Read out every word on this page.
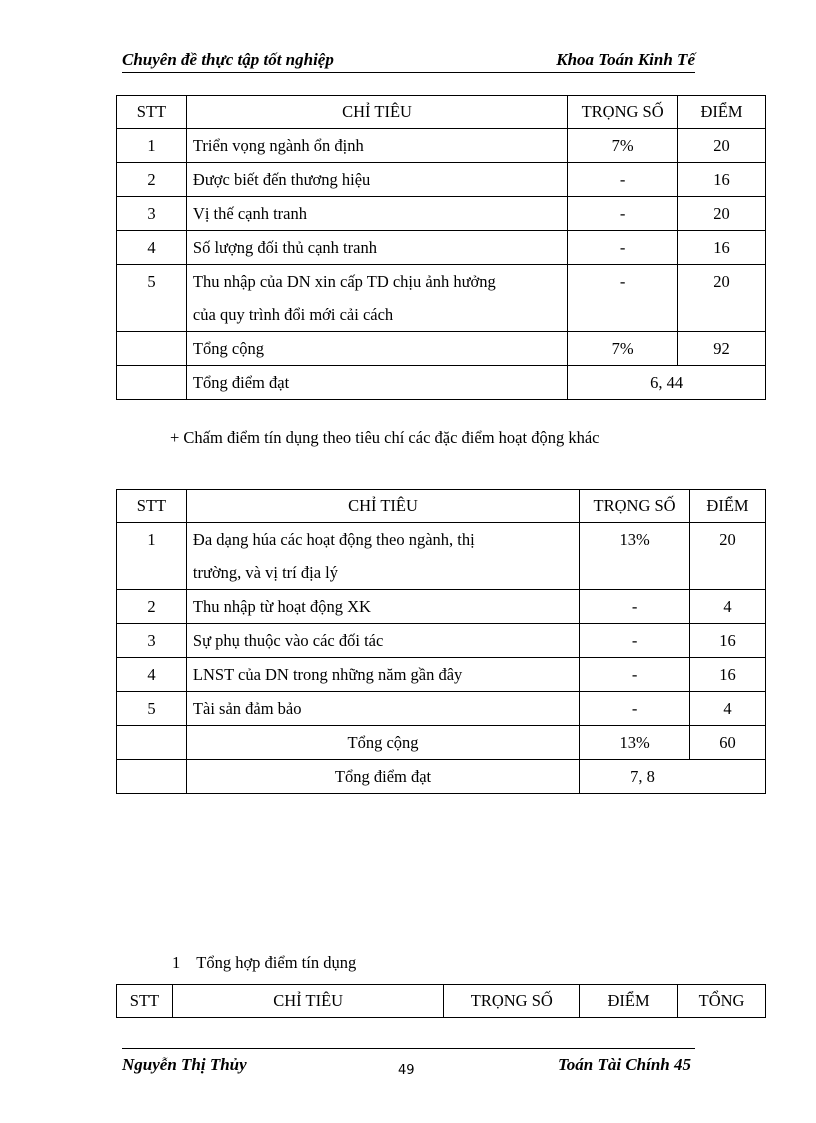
Chuyên đề thực tập tốt nghiệp	Khoa Toán Kinh Tế
STT	CHỈ TIÊU	TRỌNG SỐ	ĐIỂM
1	Triển vọng ngành ổn định	7%	20
2	Được biết đến thương hiệu	-	16
3	Vị thế cạnh tranh	-	20
4	Số lượng đối thủ cạnh tranh	-	16
5	Thu nhập của DN xin cấp TD chịu ảnh hưởng
của quy trình đổi mới cải cách	-	20
	Tổng cộng	7%	92
	Tổng điểm đạt	6, 44	
+ Chấm điểm tín dụng theo tiêu chí các đặc điểm hoạt động khác
STT	CHỈ TIÊU	TRỌNG SỐ	ĐIỂM
1	Đa dạng húa các hoạt động theo ngành, thị
trường, và vị trí địa lý	13%	20
2	Thu nhập từ hoạt động XK	-	4
3	Sự phụ thuộc vào các đối tác	-	16
4	LNST của DN trong những năm gần đây	-	16
5	Tài sản đảm bảo	-	4
	Tổng cộng	13%	60
	Tổng điểm đạt	7, 8	
1 Tổng hợp điểm tín dụng
STT	CHỈ TIÊU	TRỌNG SỐ	ĐIỂM	TỔNG
Nguyễn Thị Thủy	49	Toán Tài Chính 45
